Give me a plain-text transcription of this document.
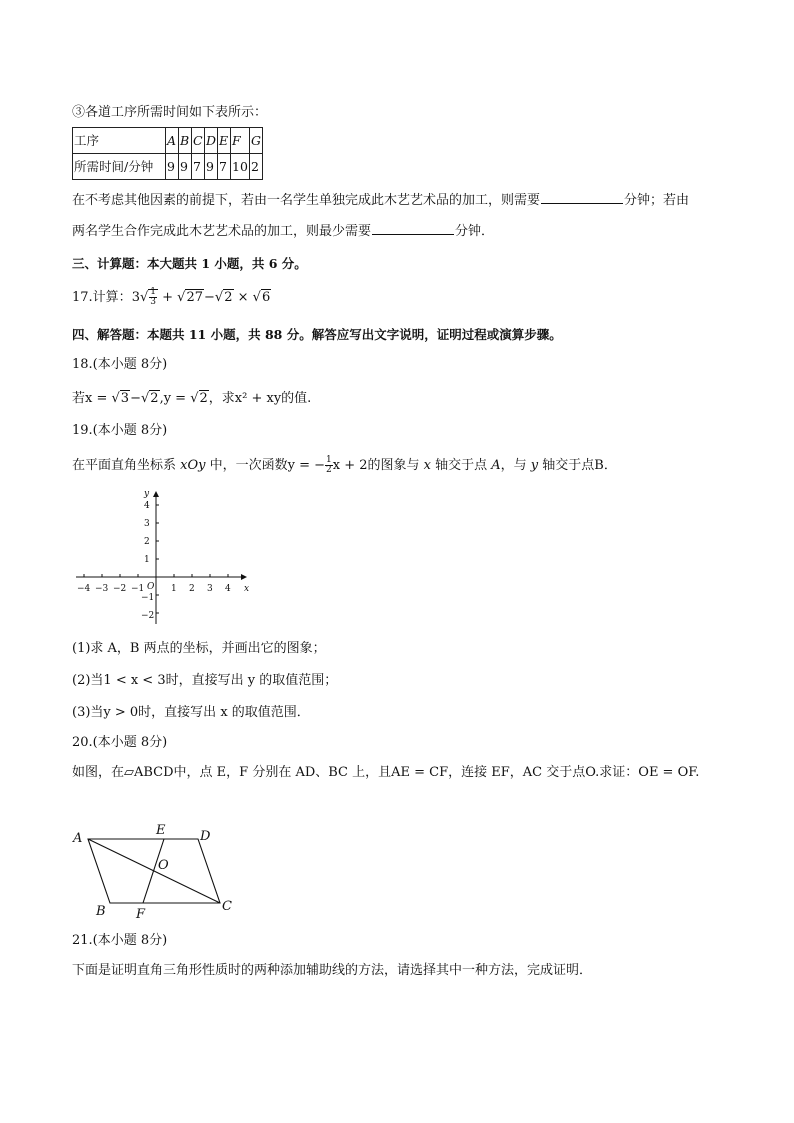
③各道工序所需时间如下表所示：
工序	A	B	C	D	E	F	G
所需时间/分钟	9	9	7	9	7	10	2
在不考虑其他因素的前提下，若由一名学生单独完成此木艺艺术品的加工，则需要	分钟；若由
两名学生合作完成此木艺艺术品的加工，则最少需要	分钟．
三、计算题：本大题共 1 小题，共 6 分。
17.计算：$3√ \frac{1}{3} + √27-√2 \times √6$
四、解答题：本题共 11 小题，共 88 分。解答应写出文字说明，证明过程或演算步骤。
18.(本小题 8分)
若x = √3−√2,y = √2，求x² + xy的值.
19.(本小题 8分)
在平面直角坐标系 xOy 中，一次函数y = − $\frac{1}{2}$ x + 2的图象与 x 轴交于点 A，与 y 轴交于点B．
x
y
O
−4 −3 −2 −1	1 2 3 4
4
3
2
1
−1
−2
(1)求 A，B 两点的坐标，并画出它的图象；
(2)当1 < x < 3时，直接写出 y 的取值范围；
(3)当y > 0时，直接写出 x 的取值范围．
20.(本小题 8分)
如图，在▱ABCD中，点 E，F 分别在 AD、BC 上，且AE = CF，连接 EF，AC 交于点O.求证：OE = OF.
A
E	D
O
B F
C
21.(本小题 8分)
下面是证明直角三角形性质时的两种添加辅助线的方法，请选择其中一种方法，完成证明．
